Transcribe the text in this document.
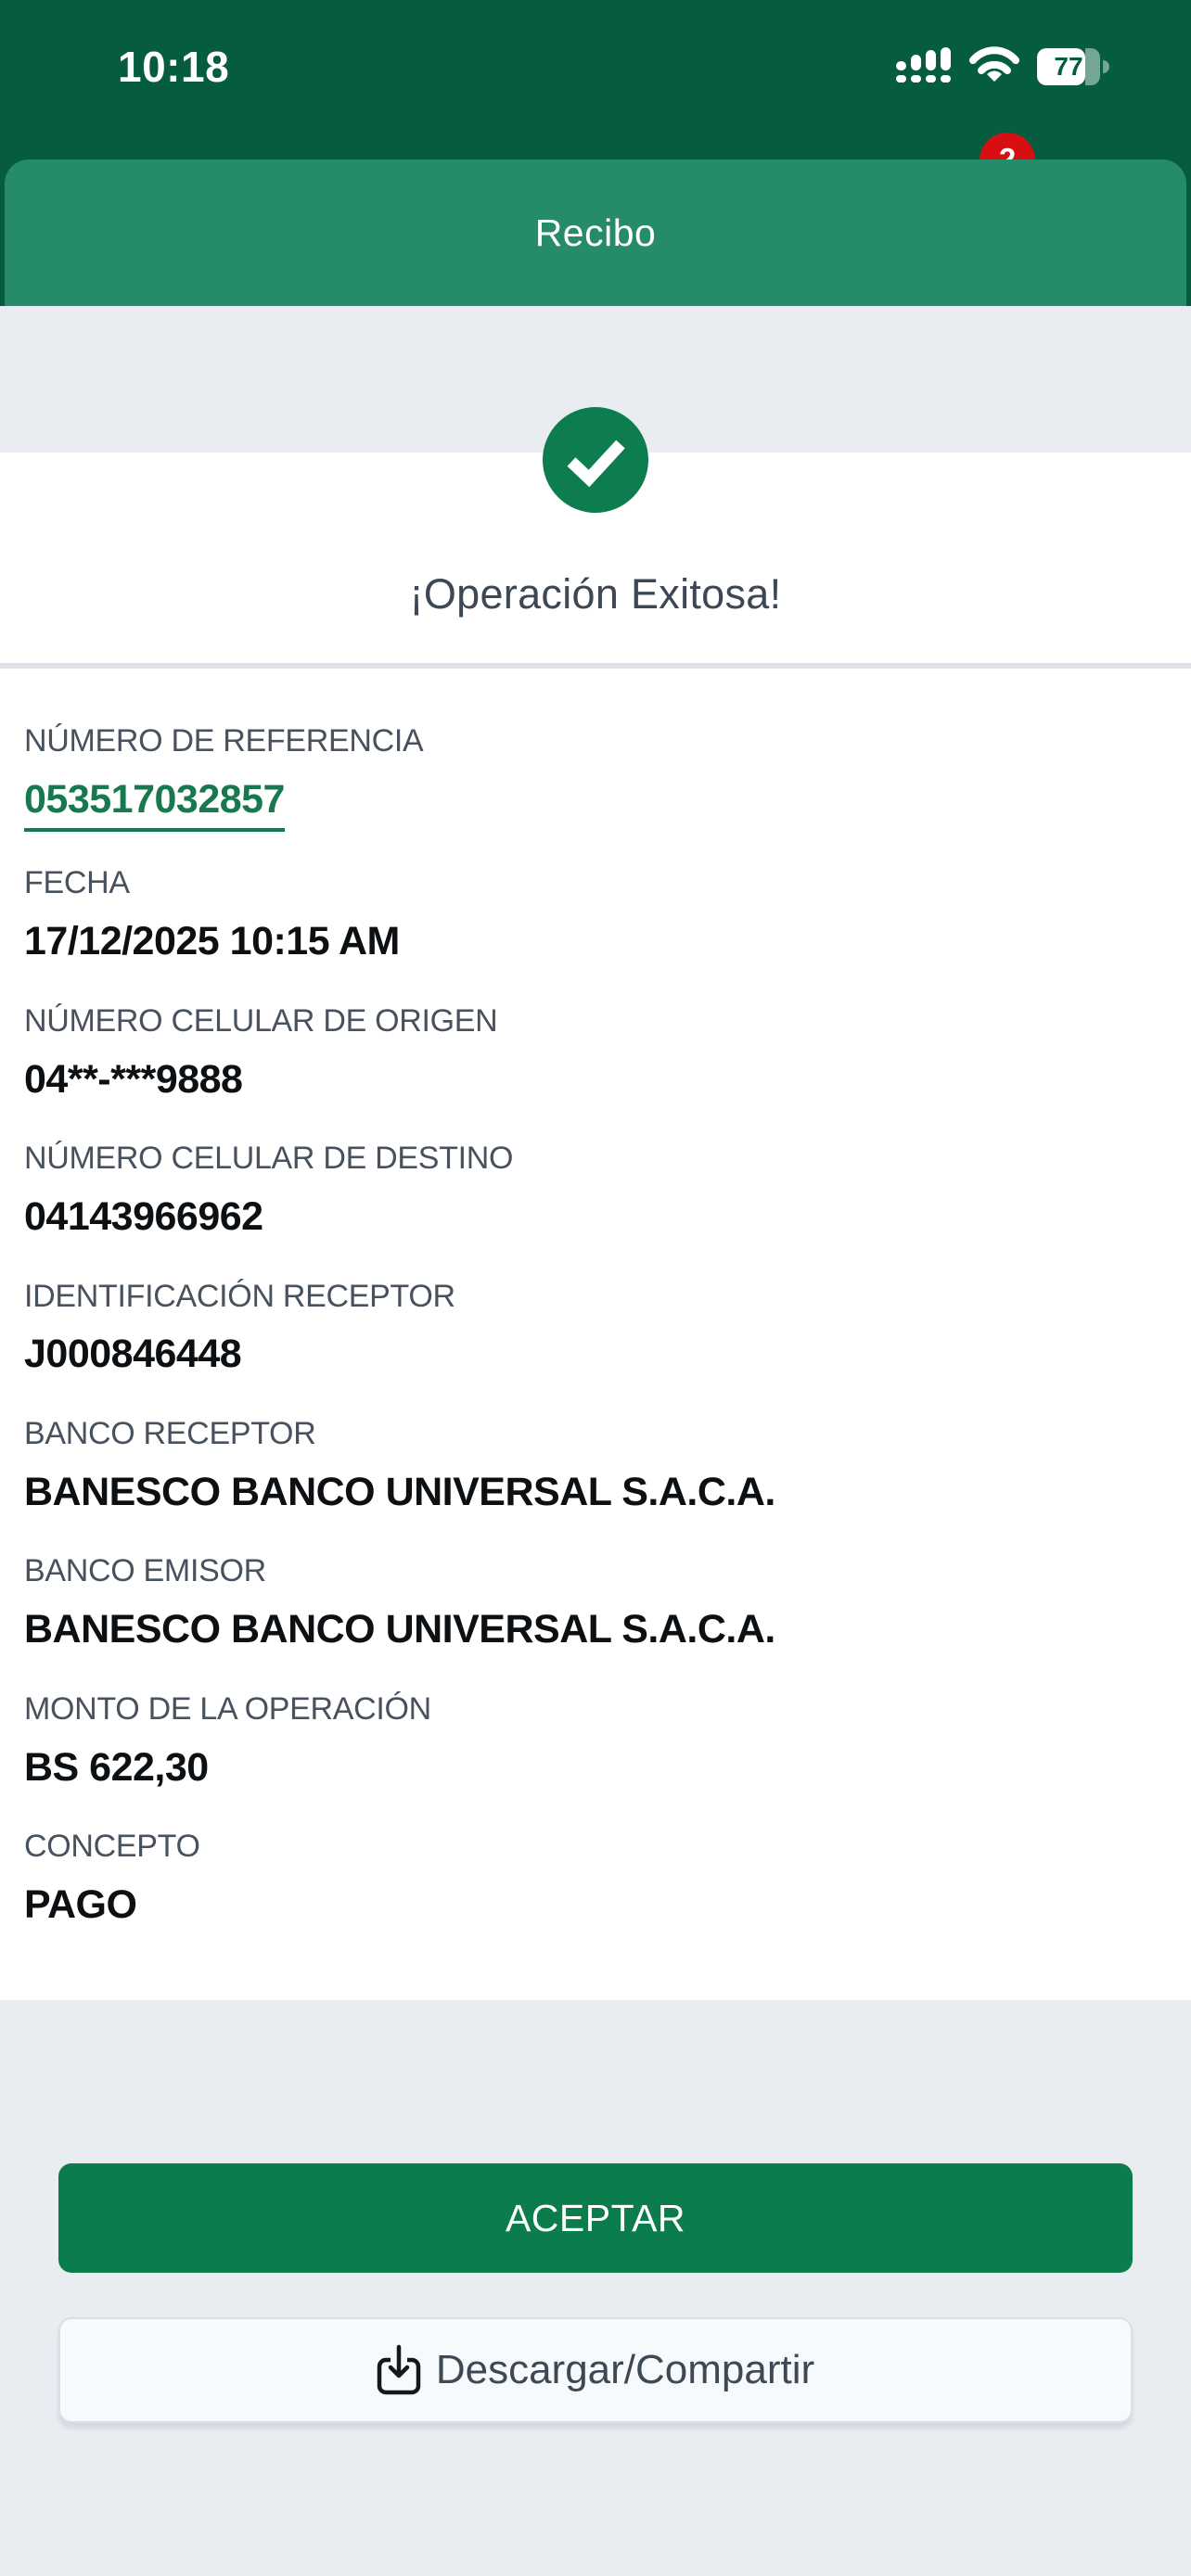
10:18	77
Recibo
¡Operación Exitosa!
NÚMERO DE REFERENCIA
053517032857
FECHA
17/12/2025 10:15 AM
NÚMERO CELULAR DE ORIGEN
04**-***9888
NÚMERO CELULAR DE DESTINO
04143966962
IDENTIFICACIÓN RECEPTOR
J000846448
BANCO RECEPTOR
BANESCO BANCO UNIVERSAL S.A.C.A.
BANCO EMISOR
BANESCO BANCO UNIVERSAL S.A.C.A.
MONTO DE LA OPERACIÓN
BS 622,30
CONCEPTO
PAGO
ACEPTAR
Descargar/Compartir
